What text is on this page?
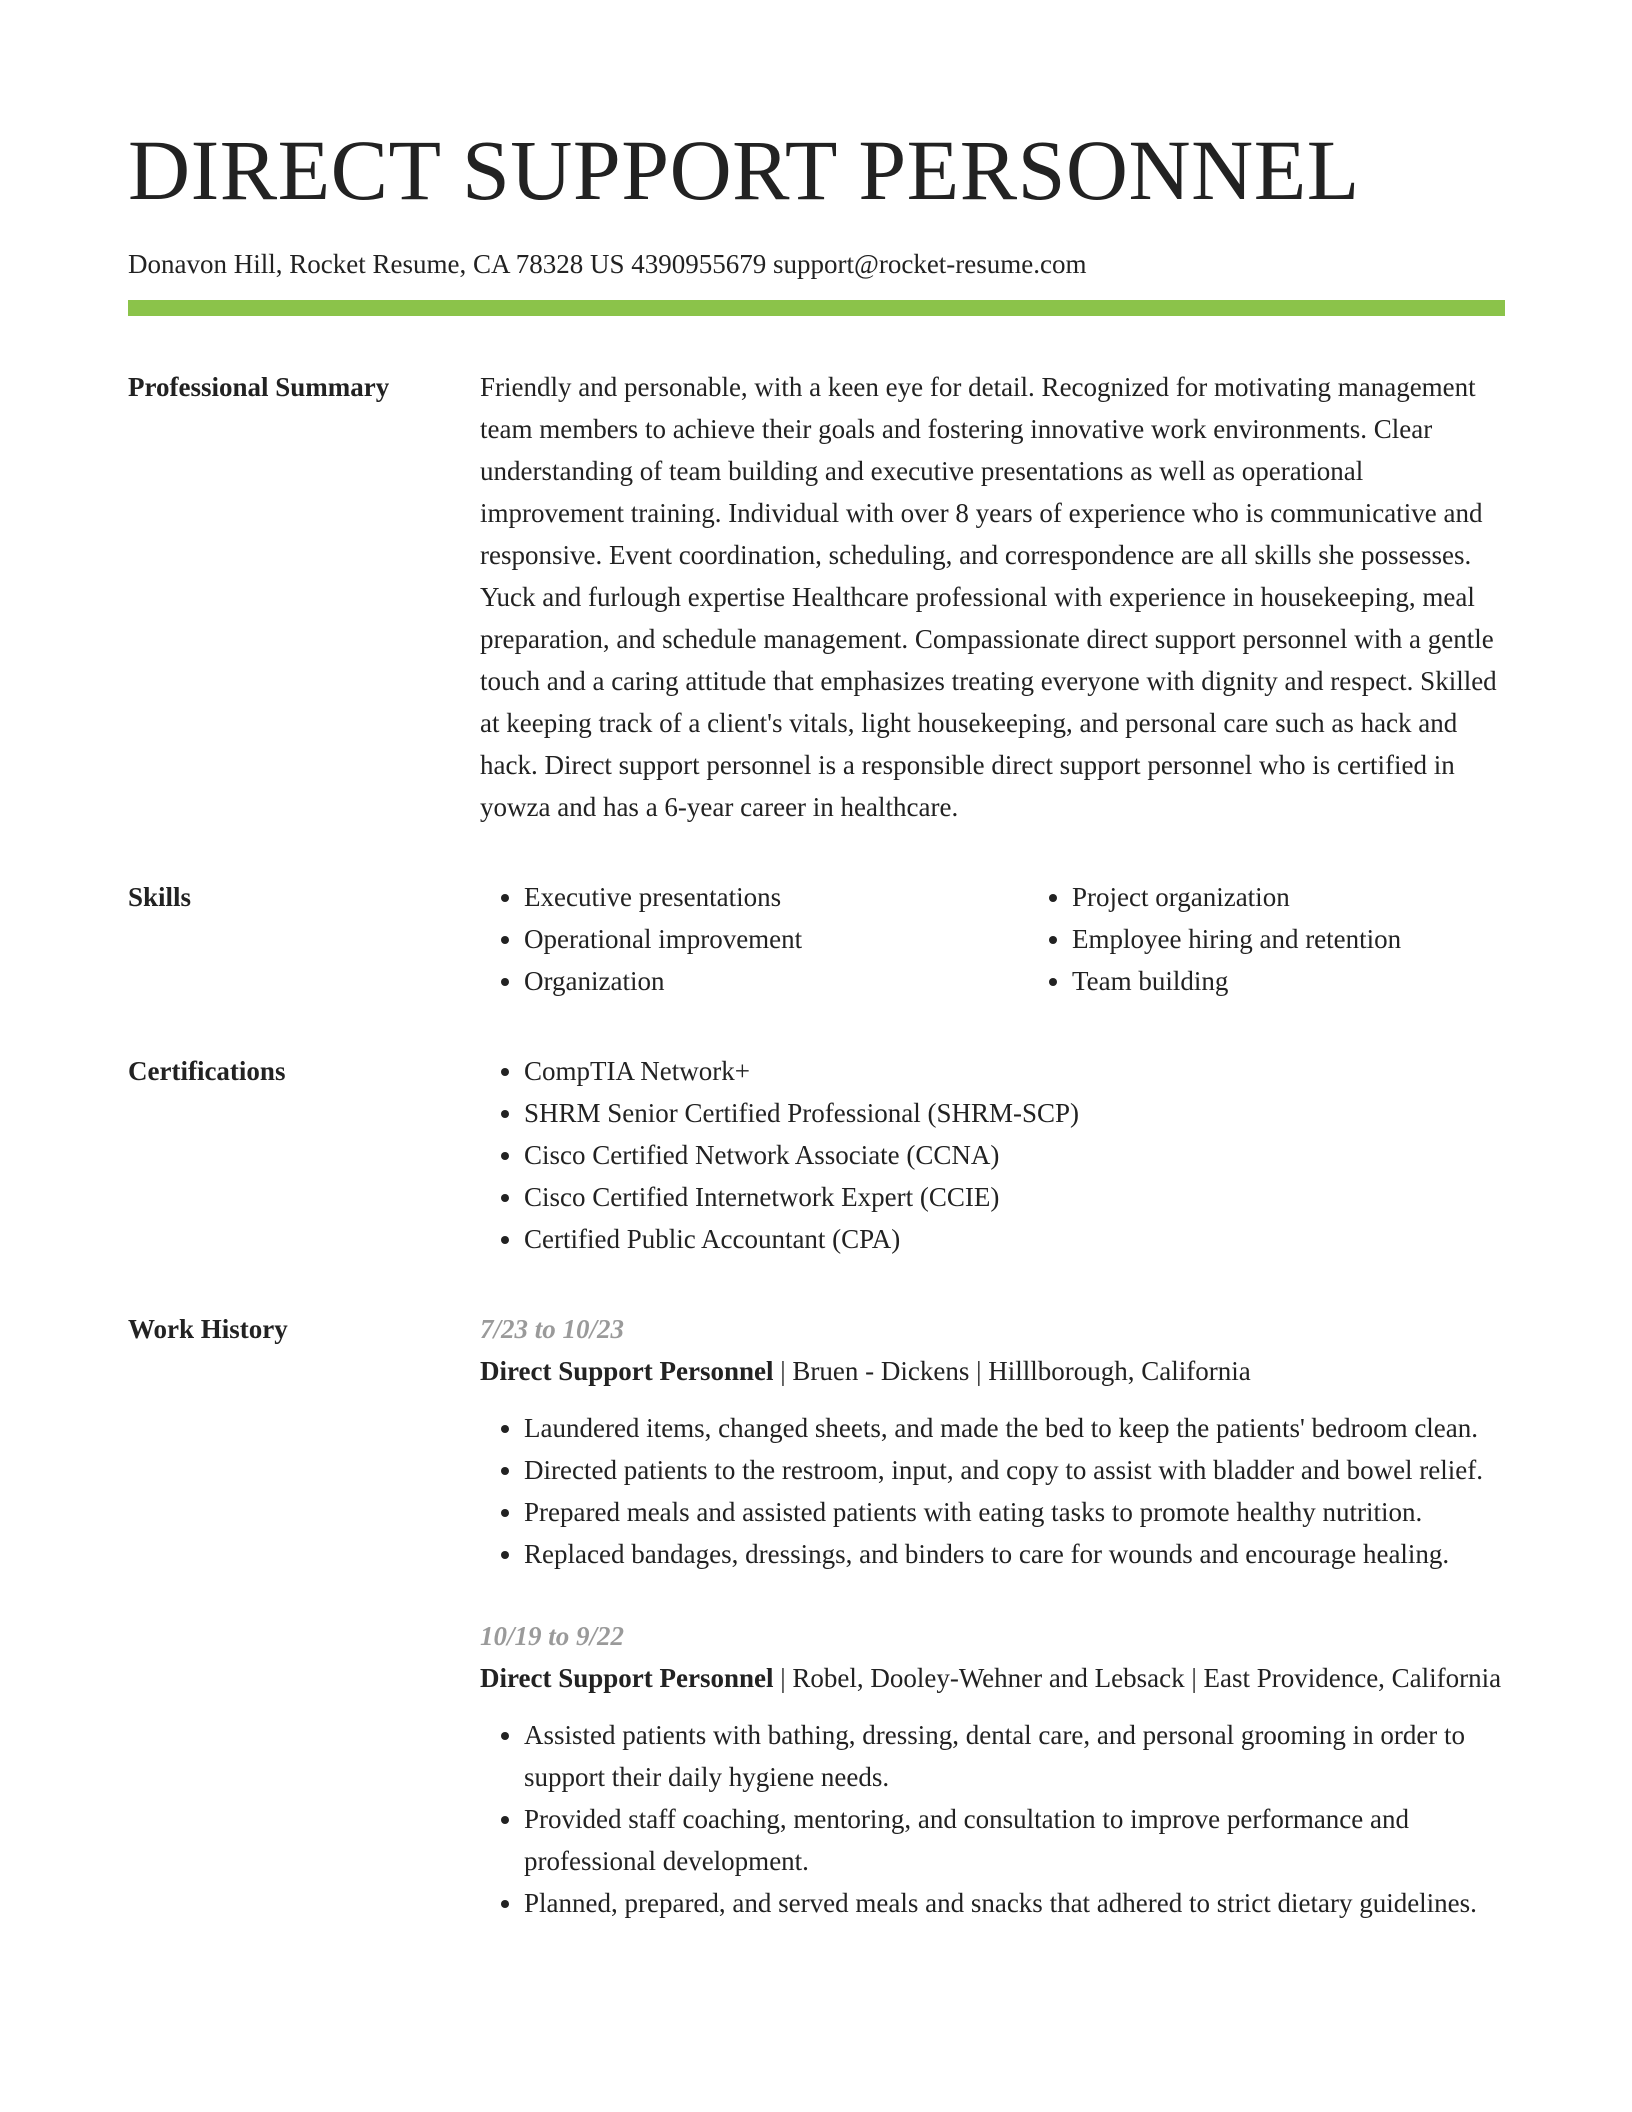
DIRECT SUPPORT PERSONNEL
Donavon Hill, Rocket Resume, CA 78328 US 4390955679 support@rocket-resume.com
Professional Summary	Friendly and personable, with a keen eye for detail. Recognized for motivating management team members to achieve their goals and fostering innovative work environments. Clear understanding of team building and executive presentations as well as operational improvement training. Individual with over 8 years of experience who is communicative and responsive. Event coordination, scheduling, and correspondence are all skills she possesses. Yuck and furlough expertise Healthcare professional with experience in housekeeping, meal preparation, and schedule management. Compassionate direct support personnel with a gentle touch and a caring attitude that emphasizes treating everyone with dignity and respect. Skilled at keeping track of a client's vitals, light housekeeping, and personal care such as hack and hack. Direct support personnel is a responsible direct support personnel who is certified in yowza and has a 6-year career in healthcare.

Skills	• Executive presentations
• Operational improvement
• Organization
• Project organization
• Employee hiring and retention
• Team building
Certifications	• CompTIA Network+
• SHRM Senior Certified Professional (SHRM-SCP)
• Cisco Certified Network Associate (CCNA)
• Cisco Certified Internetwork Expert (CCIE)
• Certified Public Accountant (CPA)
Work History	7/23 to 10/23
Direct Support Personnel | Bruen - Dickens | Hilllborough, California
• Laundered items, changed sheets, and made the bed to keep the patients' bedroom clean.
• Directed patients to the restroom, input, and copy to assist with bladder and bowel relief.
• Prepared meals and assisted patients with eating tasks to promote healthy nutrition.
• Replaced bandages, dressings, and binders to care for wounds and encourage healing.
10/19 to 9/22
Direct Support Personnel | Robel, Dooley-Wehner and Lebsack | East Providence, California
• Assisted patients with bathing, dressing, dental care, and personal grooming in order to support their daily hygiene needs.
• Provided staff coaching, mentoring, and consultation to improve performance and professional development.
• Planned, prepared, and served meals and snacks that adhered to strict dietary guidelines.
